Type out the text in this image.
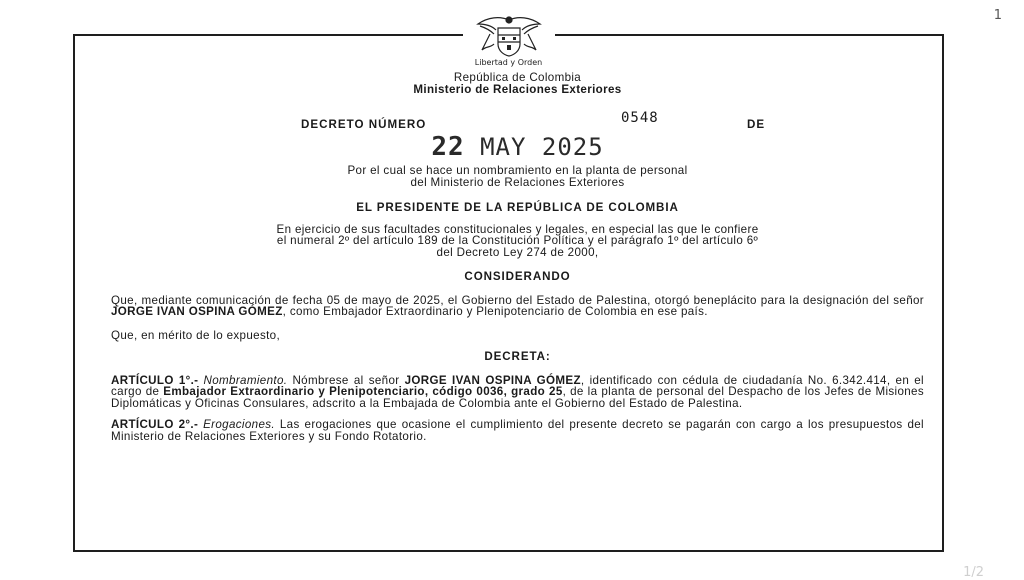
1
Libertad y Orden
República de Colombia
Ministerio de Relaciones Exteriores
DECRETO NÚMERO	0548	DE
22 MAY 2025
Por el cual se hace un nombramiento en la planta de personal
del Ministerio de Relaciones Exteriores
EL PRESIDENTE DE LA REPÚBLICA DE COLOMBIA
En ejercicio de sus facultades constitucionales y legales, en especial las que le confiere
el numeral 2º del artículo 189 de la Constitución Política y el parágrafo 1º del artículo 6º
del Decreto Ley 274 de 2000,
CONSIDERANDO
Que, mediante comunicación de fecha 05 de mayo de 2025, el Gobierno del Estado de Palestina, otorgó beneplácito para la designación del señor JORGE IVAN OSPINA GÓMEZ, como Embajador Extraordinario y Plenipotenciario de Colombia en ese país.
Que, en mérito de lo expuesto,
DECRETA:
ARTÍCULO 1°.- Nombramiento. Nómbrese al señor JORGE IVAN OSPINA GÓMEZ, identificado con cédula de ciudadanía No. 6.342.414, en el cargo de Embajador Extraordinario y Plenipotenciario, código 0036, grado 25, de la planta de personal del Despacho de los Jefes de Misiones Diplomáticas y Oficinas Consulares, adscrito a la Embajada de Colombia ante el Gobierno del Estado de Palestina.
ARTÍCULO 2°.- Erogaciones. Las erogaciones que ocasione el cumplimiento del presente decreto se pagarán con cargo a los presupuestos del Ministerio de Relaciones Exteriores y su Fondo Rotatorio.
1/2
